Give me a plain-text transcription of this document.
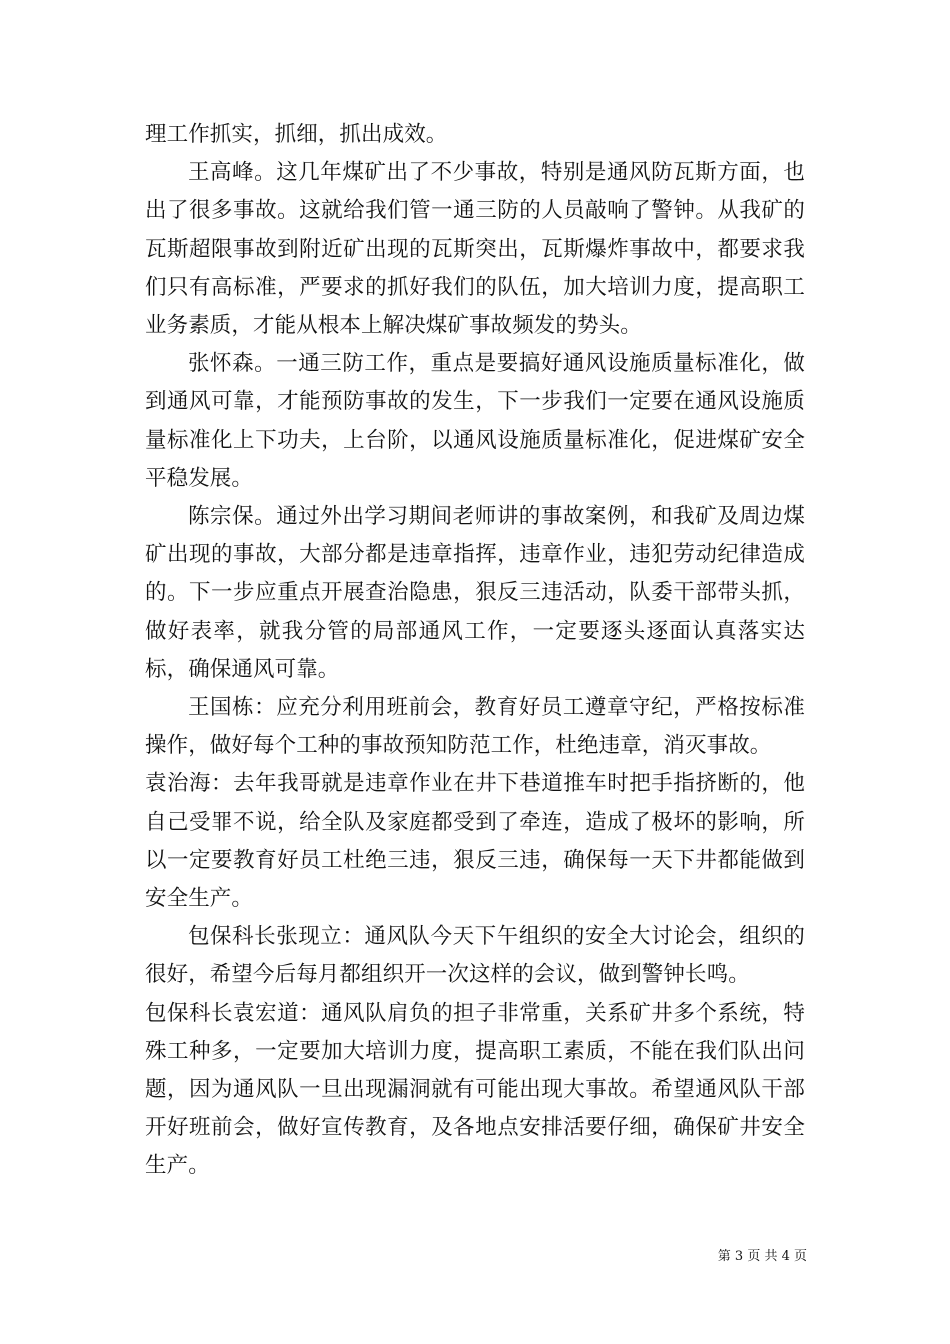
理工作抓实，抓细，抓出成效。

王高峰。这几年煤矿出了不少事故，特别是通风防瓦斯方面，也出了很多事故。这就给我们管一通三防的人员敲响了警钟。从我矿的瓦斯超限事故到附近矿出现的瓦斯突出，瓦斯爆炸事故中，都要求我们只有高标准，严要求的抓好我们的队伍，加大培训力度，提高职工业务素质，才能从根本上解决煤矿事故频发的势头。

张怀森。一通三防工作，重点是要搞好通风设施质量标准化，做到通风可靠，才能预防事故的发生，下一步我们一定要在通风设施质量标准化上下功夫，上台阶，以通风设施质量标准化，促进煤矿安全平稳发展。

陈宗保。通过外出学习期间老师讲的事故案例，和我矿及周边煤矿出现的事故，大部分都是违章指挥，违章作业，违犯劳动纪律造成的。下一步应重点开展查治隐患，狠反三违活动，队委干部带头抓，做好表率，就我分管的局部通风工作，一定要逐头逐面认真落实达标，确保通风可靠。

王国栋：应充分利用班前会，教育好员工遵章守纪，严格按标准操作，做好每个工种的事故预知防范工作，杜绝违章，消灭事故。

袁治海：去年我哥就是违章作业在井下巷道推车时把手指挤断的，他自己受罪不说，给全队及家庭都受到了牵连，造成了极坏的影响，所以一定要教育好员工杜绝三违，狠反三违，确保每一天下井都能做到安全生产。

包保科长张现立：通风队今天下午组织的安全大讨论会，组织的很好，希望今后每月都组织开一次这样的会议，做到警钟长鸣。

包保科长袁宏道：通风队肩负的担子非常重，关系矿井多个系统，特殊工种多，一定要加大培训力度，提高职工素质，不能在我们队出问题，因为通风队一旦出现漏洞就有可能出现大事故。希望通风队干部开好班前会，做好宣传教育，及各地点安排活要仔细，确保矿井安全生产。

第 3 页 共 4 页
